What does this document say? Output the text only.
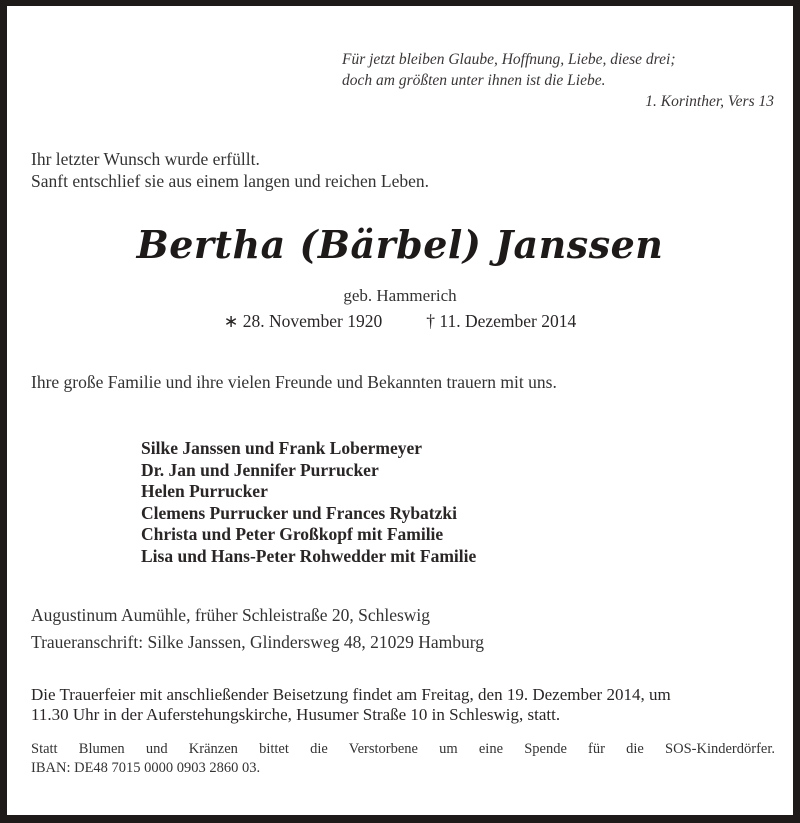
Für jetzt bleiben Glaube, Hoffnung, Liebe, diese drei;
doch am größten unter ihnen ist die Liebe.
1. Korinther, Vers 13
Ihr letzter Wunsch wurde erfüllt.
Sanft entschlief sie aus einem langen und reichen Leben.
Bertha (Bärbel) Janssen
geb. Hammerich
∗ 28. November 1920	† 11. Dezember 2014
Ihre große Familie und ihre vielen Freunde und Bekannten trauern mit uns.
Silke Janssen und Frank Lobermeyer
Dr. Jan und Jennifer Purrucker
Helen Purrucker
Clemens Purrucker und Frances Rybatzki
Christa und Peter Großkopf mit Familie
Lisa und Hans-Peter Rohwedder mit Familie
Augustinum Aumühle, früher Schleistraße 20, Schleswig
Traueranschrift: Silke Janssen, Glindersweg 48, 21029 Hamburg
Die Trauerfeier mit anschließender Beisetzung findet am Freitag, den 19. Dezember 2014, um
11.30 Uhr in der Auferstehungskirche, Husumer Straße 10 in Schleswig, statt.
Statt Blumen und Kränzen bittet die Verstorbene um eine Spende für die SOS-Kinderdörfer.
IBAN: DE48 7015 0000 0903 2860 03.
